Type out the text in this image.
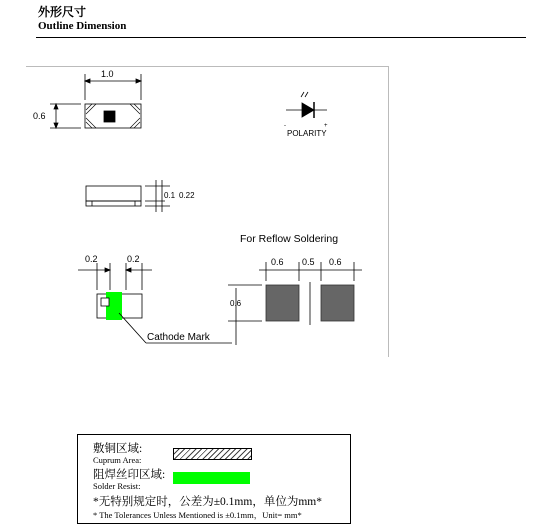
外形尺寸
Outline Dimension
1.0
0.6
-	+
POLARITY
0.1 0.22
0.2	0.2
Cathode Mark
For Reflow Soldering
0.6 0.5 0.6
0.6
敷铜区域:
Cuprum Area:
阻焊丝印区域:
Solder Resist:
*无特别规定时，公差为±0.1mm，单位为mm*
* The Tolerances Unless Mentioned is ±0.1mm，Unit= mm*
